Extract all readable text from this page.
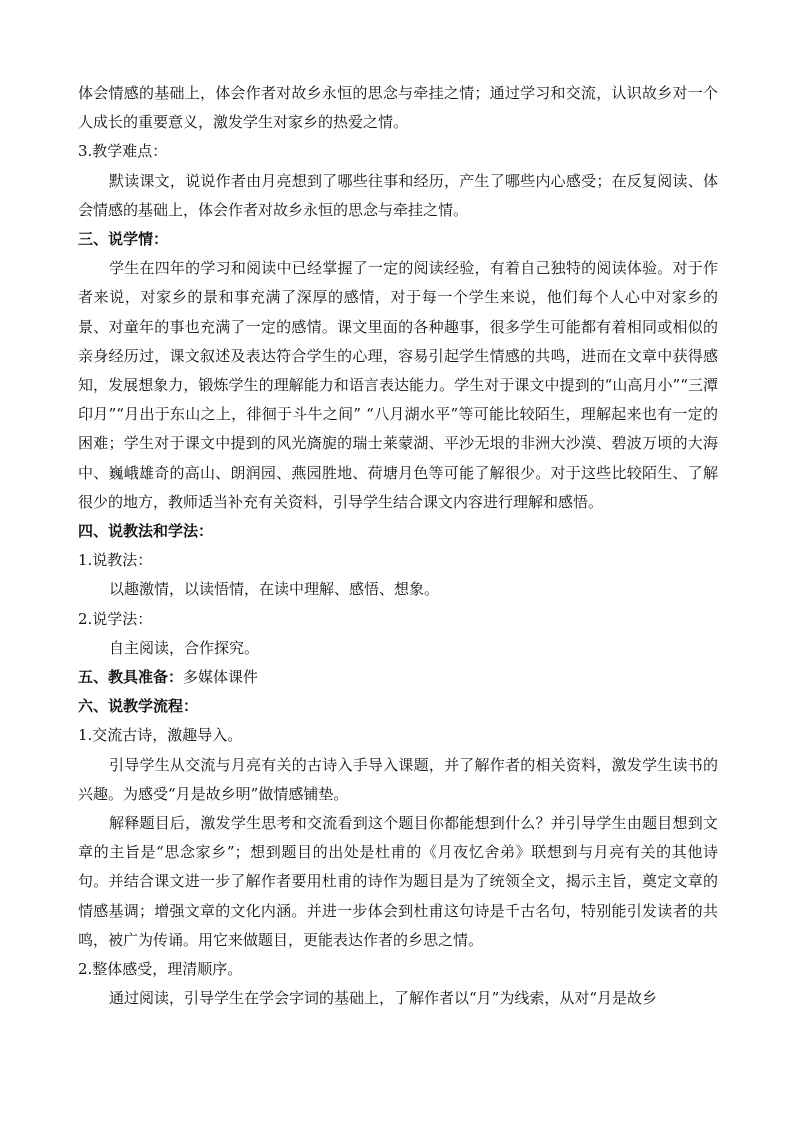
体会情感的基础上，体会作者对故乡永恒的思念与牵挂之情；通过学习和交流，认识故乡对一个人成长的重要意义，激发学生对家乡的热爱之情。

3.教学难点：

默读课文，说说作者由月亮想到了哪些往事和经历，产生了哪些内心感受；在反复阅读、体会情感的基础上，体会作者对故乡永恒的思念与牵挂之情。

三、说学情：

学生在四年的学习和阅读中已经掌握了一定的阅读经验，有着自己独特的阅读体验。对于作者来说，对家乡的景和事充满了深厚的感情，对于每一个学生来说，他们每个人心中对家乡的景、对童年的事也充满了一定的感情。课文里面的各种趣事，很多学生可能都有着相同或相似的亲身经历过，课文叙述及表达符合学生的心理，容易引起学生情感的共鸣，进而在文章中获得感知，发展想象力，锻炼学生的理解能力和语言表达能力。学生对于课文中提到的“山高月小”“三潭印月”“月出于东山之上，徘徊于斗牛之间” “八月湖水平”等可能比较陌生，理解起来也有一定的困难；学生对于课文中提到的风光旖旎的瑞士莱蒙湖、平沙无垠的非洲大沙漠、碧波万顷的大海中、巍峨雄奇的高山、朗润园、燕园胜地、荷塘月色等可能了解很少。对于这些比较陌生、了解很少的地方，教师适当补充有关资料，引导学生结合课文内容进行理解和感悟。

四、说教法和学法：

1.说教法：

以趣激情，以读悟情，在读中理解、感悟、想象。

2.说学法：

自主阅读，合作探究。

五、教具准备：多媒体课件

六、说教学流程：

1.交流古诗，激趣导入。

引导学生从交流与月亮有关的古诗入手导入课题，并了解作者的相关资料，激发学生读书的兴趣。为感受“月是故乡明”做情感铺垫。

解释题目后，激发学生思考和交流看到这个题目你都能想到什么？并引导学生由题目想到文章的主旨是“思念家乡”；想到题目的出处是杜甫的《月夜忆舍弟》联想到与月亮有关的其他诗句。并结合课文进一步了解作者要用杜甫的诗作为题目是为了统领全文，揭示主旨，奠定文章的情感基调；增强文章的文化内涵。并进一步体会到杜甫这句诗是千古名句，特别能引发读者的共鸣，被广为传诵。用它来做题目，更能表达作者的乡思之情。

2.整体感受，理清顺序。

通过阅读，引导学生在学会字词的基础上，了解作者以“月”为线索，从对“月是故乡
